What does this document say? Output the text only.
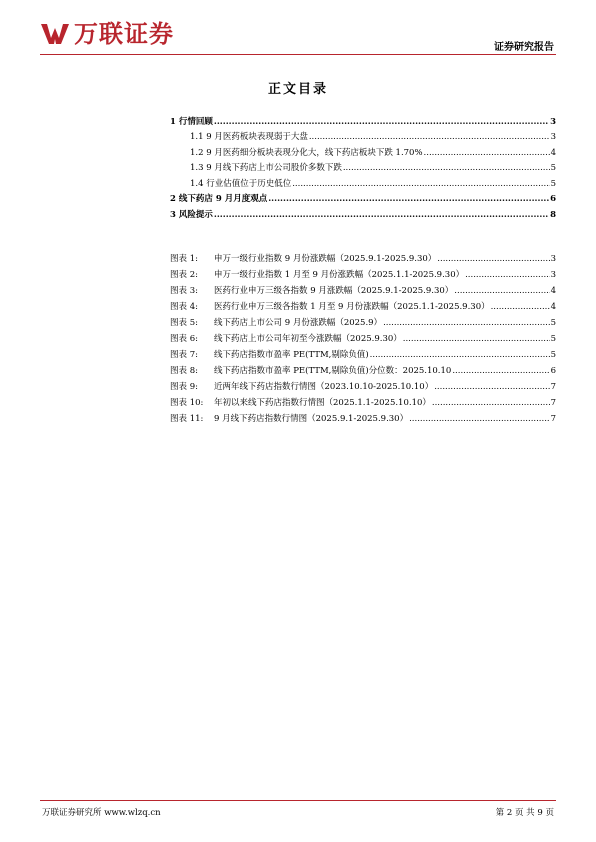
万联证券	证券研究报告
正文目录
1 行情回顾 .....	3
1.1 9 月医药板块表现弱于大盘 .....	3
1.2 9 月医药细分板块表现分化大，线下药店板块下跌 1.70% .....	4
1.3 9 月线下药店上市公司股价多数下跌 .....	5
1.4 行业估值位于历史低位 .....	5
2 线下药店 9 月月度观点 .....	6
3 风险提示 .....	8
图表 1:	申万一级行业指数 9 月份涨跌幅（2025.9.1-2025.9.30） .....	3
图表 2:	申万一级行业指数 1 月至 9 月份涨跌幅（2025.1.1-2025.9.30） .....	3
图表 3:	医药行业申万三级各指数 9 月涨跌幅（2025.9.1-2025.9.30） .....	4
图表 4:	医药行业申万三级各指数 1 月至 9 月份涨跌幅（2025.1.1-2025.9.30） .....	4
图表 5:	线下药店上市公司 9 月份涨跌幅（2025.9） .....	5
图表 6:	线下药店上市公司年初至今涨跌幅（2025.9.30） .....	5
图表 7:	线下药店指数市盈率 PE(TTM,剔除负值) .....	5
图表 8:	线下药店指数市盈率 PE(TTM,剔除负值)分位数：2025.10.10 .....	6
图表 9:	近两年线下药店指数行情图（2023.10.10-2025.10.10） .....	7
图表 10:	年初以来线下药店指数行情图（2025.1.1-2025.10.10） .....	7
图表 11:	9 月线下药店指数行情图（2025.9.1-2025.9.30） .....	7
万联证券研究所 www.wlzq.cn	第 2 页 共 9 页
